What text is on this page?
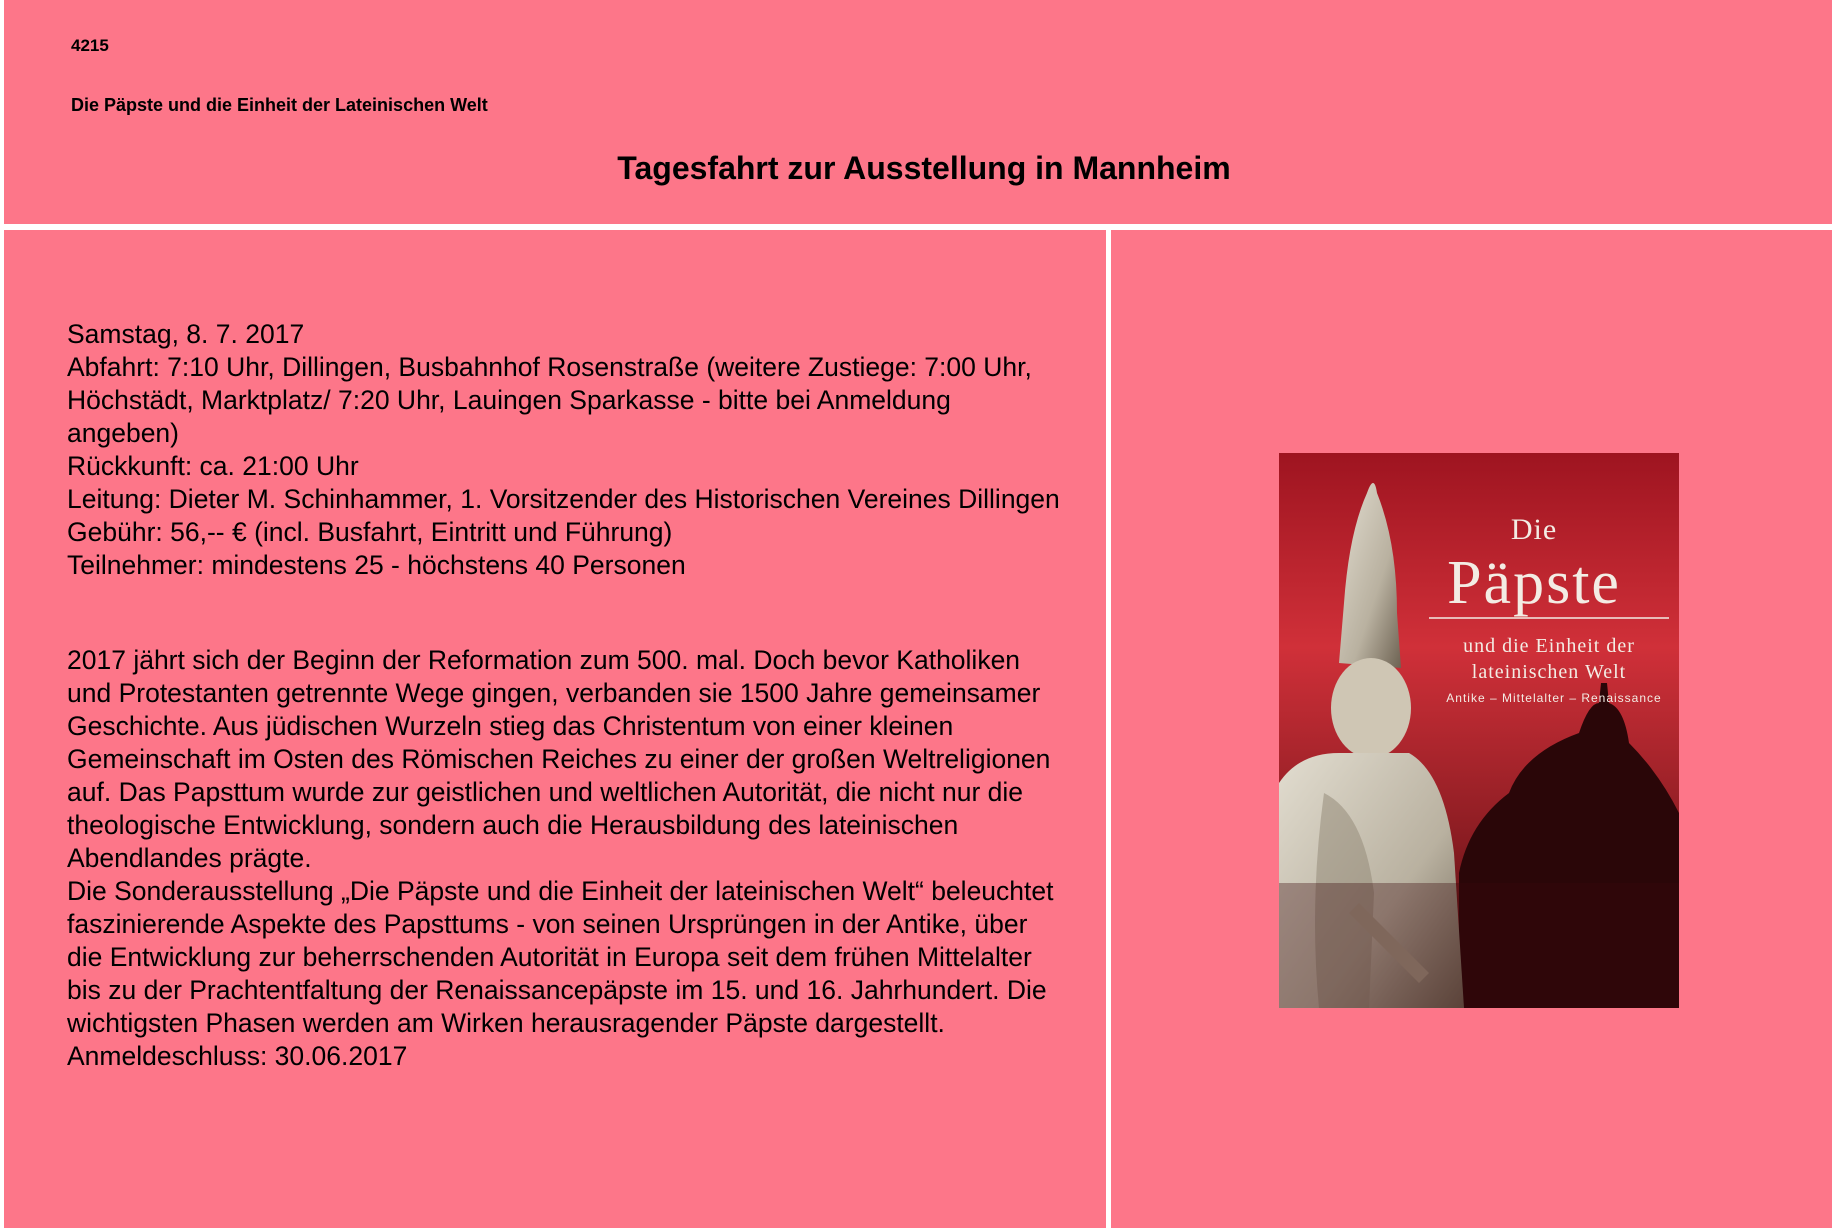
4215
Die Päpste und die Einheit der Lateinischen Welt
Tagesfahrt zur Ausstellung in Mannheim

Samstag, 8. 7. 2017

Abfahrt: 7:10 Uhr, Dillingen, Busbahnhof Rosenstraße (weitere Zustiege: 7:00 Uhr, Höchstädt, Marktplatz/ 7:20 Uhr, Lauingen Sparkasse - bitte bei Anmeldung angeben)

Rückkunft: ca. 21:00 Uhr

Leitung: Dieter M. Schinhammer, 1. Vorsitzender des Historischen Vereines Dillingen

Gebühr: 56,-- € (incl. Busfahrt, Eintritt und Führung)

Teilnehmer: mindestens 25 - höchstens 40 Personen

2017 jährt sich der Beginn der Reformation zum 500. mal. Doch bevor Katholiken und Protestanten getrennte Wege gingen, verbanden sie 1500 Jahre gemeinsamer Geschichte. Aus jüdischen Wurzeln stieg das Christentum von einer kleinen Gemeinschaft im Osten des Römischen Reiches zu einer der großen Weltreligionen auf. Das Papsttum wurde zur geistlichen und weltlichen Autorität, die nicht nur die theologische Entwicklung, sondern auch die Herausbildung des lateinischen Abendlandes prägte.

Die Sonderausstellung „Die Päpste und die Einheit der lateinischen Welt“ beleuchtet faszinierende Aspekte des Papsttums - von seinen Ursprüngen in der Antike, über die Entwicklung zur beherrschenden Autorität in Europa seit dem frühen Mittelalter bis zu der Prachtentfaltung der Renaissancepäpste im 15. und 16. Jahrhundert. Die wichtigsten Phasen werden am Wirken herausragender Päpste dargestellt.

Anmeldeschluss: 30.06.2017

Die
Päpste
und die Einheit der
lateinischen Welt
Antike – Mittelalter – Renaissance
